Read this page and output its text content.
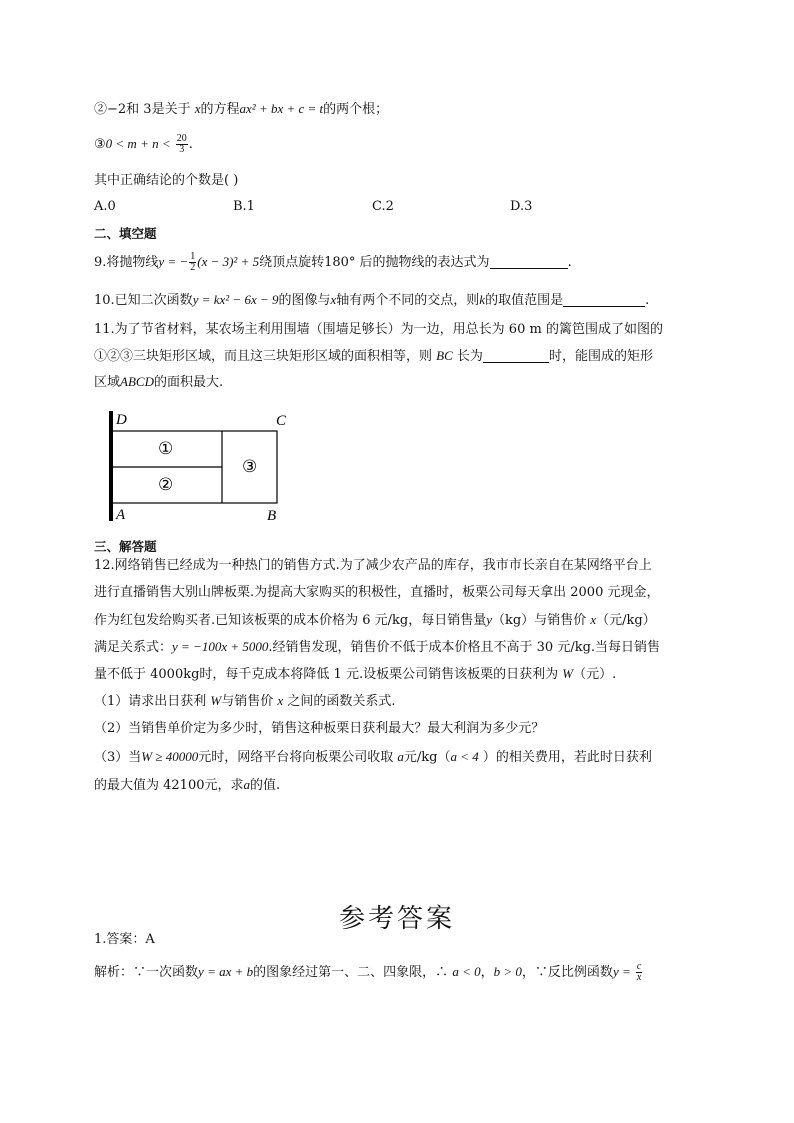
②−2和 3是关于 x的方程ax² + bx + c = t的两个根；
③0 < $m + n < \frac{20}{3}$ .
其中正确结论的个数是( )
A.0	B.1	C.2	D.3
二、填空题
9.将抛物线y = − $\frac{1}{2} (x - 3)^2 + 5$绕顶点旋转180° 后的抛物线的表达式为	.
10.已知二次函数y = kx² − 6x − 9的图像与x轴有两个不同的交点，则k的取值范围是	.
11.为了节省材料，某农场主利用围墙（围墙足够长）为一边，用总长为 60 m 的篱笆围成了如图的
①②③三块矩形区域，而且这三块矩形区域的面积相等，则 BC 长为	时，能围成的矩形
区域ABCD的面积最大.
D	C
A	B
①
②
③
三、解答题
12.网络销售已经成为一种热门的销售方式.为了减少农产品的库存，我市市长亲自在某网络平台上
进行直播销售大别山牌板栗.为提高大家购买的积极性，直播时，板栗公司每天拿出 2000 元现金，
作为红包发给购买者.已知该板栗的成本价格为 6 元/kg，每日销售量y（kg）与销售价 x（元/kg）
满足关系式：y = −100x + 5000.经销售发现，销售价不低于成本价格且不高于 30 元/kg.当每日销售
量不低于 4000kg时，每千克成本将降低 1 元.设板栗公司销售该板栗的日获利为 W（元）.
（1）请求出日获利 W与销售价 x 之间的函数关系式.
（2）当销售单价定为多少时，销售这种板栗日获利最大？最大利润为多少元？
（3）当W ≥ 40000元时，网络平台将向板栗公司收取 a元/kg（a < 4 ）的相关费用，若此时日获利
的最大值为 42100元，求a的值.
参考答案
1.答案：A
解析：∵一次函数y = ax + b的图象经过第一、二、四象限，∴ a < 0，b > 0，∵反比例函数$y = \frac{c}{x}$
